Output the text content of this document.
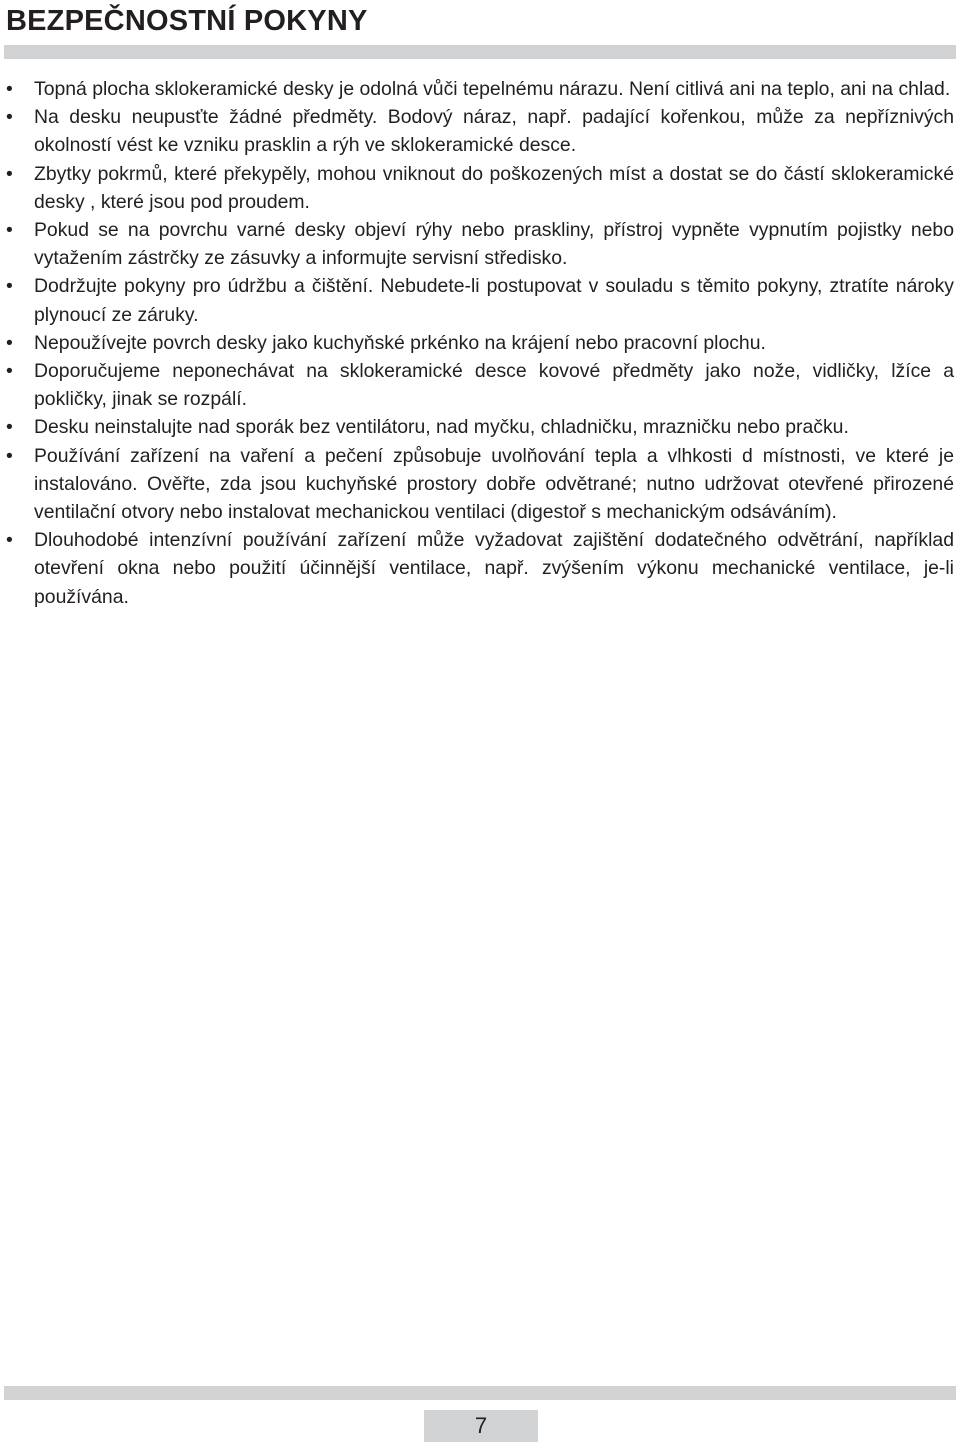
BEZPEČNOSTNÍ POKYNY
•	Topná plocha sklokeramické desky je odolná vůči tepelnému nárazu. Není citlivá ani na teplo, ani na chlad.
•	Na desku neupusťte žádné předměty. Bodový náraz, např. padající kořenkou, může za nepříznivých okolností vést ke vzniku prasklin a rýh ve sklokeramické desce.
•	Zbytky pokrmů, které překypěly, mohou vniknout do poškozených míst a dostat se do částí sklokeramické desky , které jsou pod proudem.
•	Pokud se na povrchu varné desky objeví rýhy nebo praskliny, přístroj vypněte vypnutím pojistky nebo vytažením zástrčky ze zásuvky a informujte servisní středisko.
•	Dodržujte pokyny pro údržbu a čištění. Nebudete-li postupovat v souladu s těmito pokyny, ztratíte nároky plynoucí ze záruky.
•	Nepoužívejte povrch desky jako kuchyňské prkénko na krájení nebo pracovní plochu.
•	Doporučujeme neponechávat na sklokeramické desce kovové předměty jako nože, vidličky, lžíce a pokličky, jinak se rozpálí.
•	Desku neinstalujte nad sporák bez ventilátoru, nad myčku, chladničku, mrazničku nebo pračku.
•	Používání zařízení na vaření a pečení způsobuje uvolňování tepla a vlhkosti d místnosti, ve které je instalováno. Ověřte, zda jsou kuchyňské prostory dobře odvětrané; nutno udržovat otevřené přirozené ventilační otvory nebo instalovat mechanickou ventilaci (digestoř s mechanickým odsáváním).
•	Dlouhodobé intenzívní používání zařízení může vyžadovat zajištění dodatečného odvětrání, například otevření okna nebo použití účinnější ventilace, např. zvýšením výkonu mechanické ventilace, je-li používána.
7
